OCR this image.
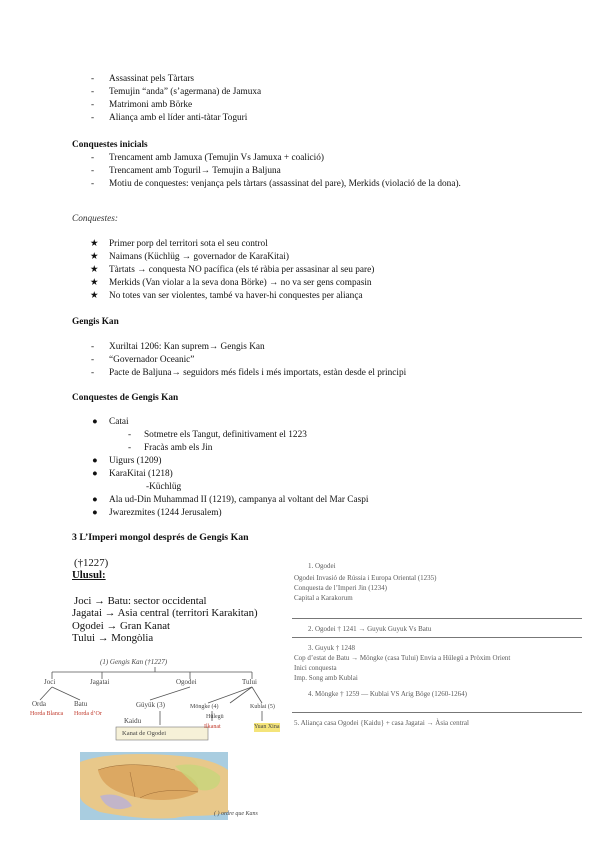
- Assassinat pels Tàrtars
- Temujin “anda” (s’agermana) de Jamuxa
- Matrimoni amb Börke
- Aliança amb el líder anti-tàtar Toguri
Conquestes inicials
- Trencament amb Jamuxa (Temujin Vs Jamuxa + coalició)
- Trencament amb Toguril→ Temujin a Baljuna
- Motiu de conquestes: venjança pels tàrtars (assassinat del pare), Merkids (violació de la dona).
Conquestes:
★ Primer porp del territori sota el seu control
★ Naimans (Küchlüg → governador de KaraKitai)
★ Tàrtats → conquesta NO pacífica (els té ràbia per assasinar al seu pare)
★ Merkids (Van violar a la seva dona Börke) → no va ser gens compasin
★ No totes van ser violentes, també va haver-hi conquestes per aliança
Gengis Kan
- Xuriltai 1206: Kan suprem→ Gengis Kan
- “Governador Oceanic”
- Pacte de Baljuna→ seguidors més fidels i més importats, estàn desde el principi
Conquestes de Gengis Kan
● Catai
- Sotmetre els Tangut, definitivament el 1223
- Fracàs amb els Jin
● Uigurs (1209)
● KaraKitai (1218)
-Küchlüg
● Ala ud-Din Muhammad II (1219), campanya al voltant del Mar Caspi
● Jwarezmites (1244 Jerusalem)
3 L’Imperi mongol després de Gengis Kan
(†1227)
Ulusul:
Joci → Batu: sector occidental
Jagatai → Asia central (territori Karakitan)
Ogodei → Gran Kanat
Tului → Mongòlia
1. Ogodei
Ogodei Invasió de Rússia i Europa Oriental (1235)
Conquesta de l’Imperi Jin (1234)
Capital a Karakorum
2. Ogodei † 1241 → Guyuk Guyuk Vs Batu
3. Guyuk † 1248
Cop d’estat de Batu → Möngke (casa Tului) Envia a Hülegü a Pròxim Orient
Inici conquesta
Imp. Song amb Kublai
4. Möngke † 1259 — Kublai VS Arig Böge (1260-1264)
5. Aliança casa Ogodei {Kaidu} + casa Jagatai → Àsia central
(1) Gengis Kan (†1227)
Joci	Jagatai	Ogodei	Tului
Orda	Batu
Horda Blanca Horda d’Or
Güyük (3)
Kaidu
Kanat de Ogodei
Möngke (4)
Hülegü
Kublai (5)
Ilkanat	Yuan Xina
( ) ordre que Kans
